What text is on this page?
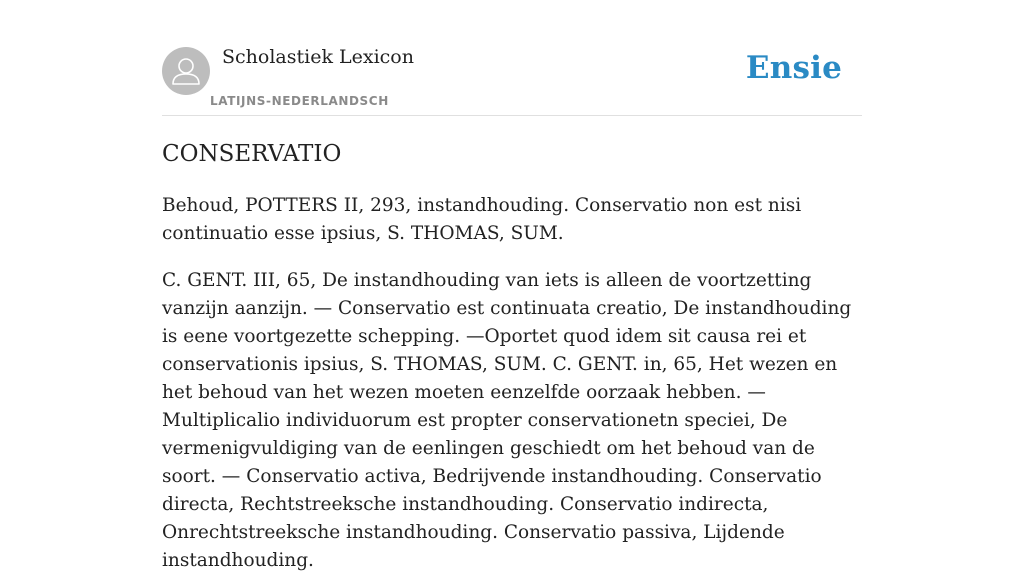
Scholastiek Lexicon
LATIJNS-NEDERLANDSCH
Ensie
CONSERVATIO

Behoud, POTTERS II, 293, instandhouding. Conservatio non est nisi continuatio esse ipsius, S. THOMAS, SUM.

C. GENT. III, 65, De instandhouding van iets is alleen de voortzetting vanzijn aanzijn. — Conservatio est continuata creatio, De instandhouding is eene voortgezette schepping. —Oportet quod idem sit causa rei et conservationis ipsius, S. THOMAS, SUM. C. GENT. in, 65, Het wezen en het behoud van het wezen moeten eenzelfde oorzaak hebben. — Multiplicalio individuorum est propter conservationetn speciei, De vermenigvuldiging van de eenlingen geschiedt om het behoud van de soort. — Conservatio activa, Bedrijvende instandhouding. Conservatio directa, Rechtstreeksche instandhouding. Conservatio indirecta, Onrechtstreeksche instandhouding. Conservatio passiva, Lijdende instandhouding.
